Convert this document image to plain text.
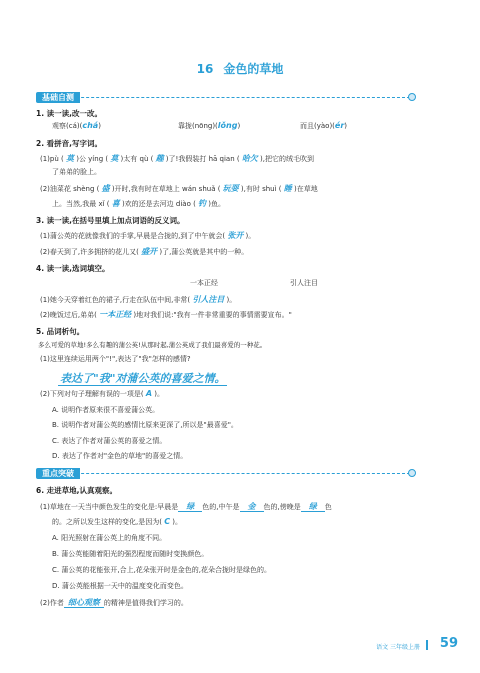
16 金色的草地
基础自测
1. 读一读,改一改。
观察(cá)(chá)	靠拢(nōng)(lǒng)	而且(yào)(ér)
2. 看拼音,写字词。
(1)pù ( 莫 )公 yíng ( 莫 )太有 qù ( 趣 )了!我假装打 hā qian ( 哈欠 ),把它的绒毛吹到
了弟弟的脸上。
(2)油菜花 shèng ( 盛 )开时,我有时在草地上 wán shuǎ ( 玩耍 ),有时 shuì ( 睡 )在草地
上。当然,我最 xǐ ( 喜 )欢的还是去河边 diào ( 钓 )鱼。
3. 读一读,在括号里填上加点词语的反义词。
(1)蒲公英的花就像我们的手掌,早晨是合拢的,到了中午就会( 张开 )。
(2)春天到了,许多拥挤的花儿又( 盛开 )了,蒲公英就是其中的一种。
4. 读一读,选词填空。
一本正经	引人注目
(1)她今天穿着红色的裙子,行走在队伍中间,非常( 引人注目 )。
(2)晚饭过后,弟弟( 一本正经 )地对我们说:"我有一件非常重要的事情需要宣布。"
5. 品词析句。
多么可爱的草地!多么有趣的蒲公英!从那时起,蒲公英成了我们最喜爱的一种花。
(1)这里连续运用两个"!",表达了"我"怎样的感情?
表达了"我"对蒲公英的喜爱之情。
(2)下列对句子理解有误的一项是( A )。
A. 说明作者原来很不喜爱蒲公英。
B. 说明作者对蒲公英的感情比原来更深了,所以是"最喜爱"。
C. 表达了作者对蒲公英的喜爱之情。
D. 表达了作者对"金色的草地"的喜爱之情。
重点突破
6. 走进草地,认真观察。
(1)草地在一天当中颜色发生的变化是:早晨是 绿 色的,中午是 金 色的,傍晚是 绿 色
的。之所以发生这样的变化,是因为( C )。
A. 阳光照射在蒲公英上的角度不同。
B. 蒲公英能随着阳光的强烈程度而随时变换颜色。
C. 蒲公英的花能张开,合上,花朵张开时是金色的,花朵合拢时是绿色的。
D. 蒲公英能根据一天中的温度变化而变色。
(2)作者 细心观察 的精神是值得我们学习的。
语文 三年级上册 59
